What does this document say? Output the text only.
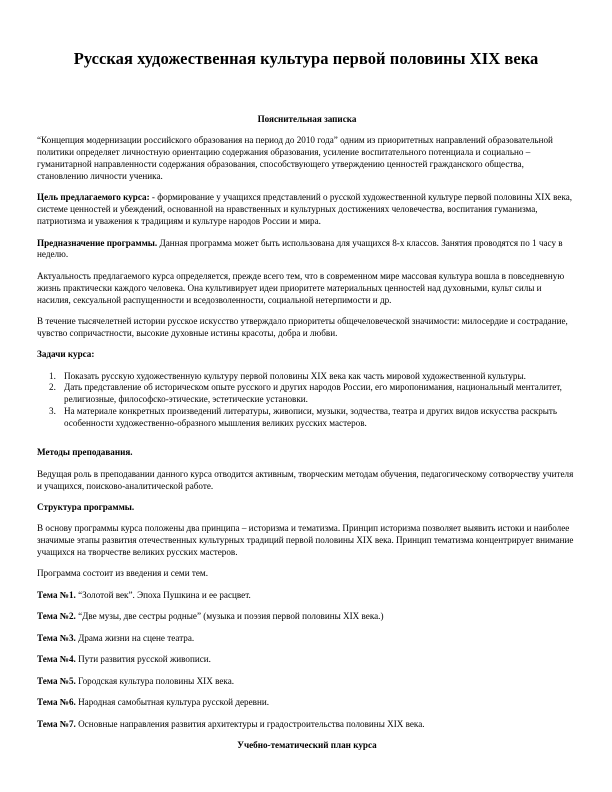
Русская художественная культура первой половины XIX века
Пояснительная записка

“Концепция модернизации российского образования на период до 2010 года” одним из приоритетных направлений образовательной политики определяет личностную ориентацию содержания образования, усиление воспитательного потенциала и социально – гуманитарной направленности содержания образования, способствующего утверждению ценностей гражданского общества, становлению личности ученика.

Цель предлагаемого курса: - формирование у учащихся представлений о русской художественной культуре первой половины XIX века, системе ценностей и убеждений, основанной на нравственных и культурных достижениях человечества, воспитания гуманизма, патриотизма и уважения к традициям и культуре народов России и мира.

Предназначение программы. Данная программа может быть использована для учащихся 8-х классов. Занятия проводятся по 1 часу в неделю.

Актуальность предлагаемого курса определяется, прежде всего тем, что в современном мире массовая культура вошла в повседневную жизнь практически каждого человека. Она культивирует идеи приоритете материальных ценностей над духовными, культ силы и насилия, сексуальной распущенности и вседозволенности, социальной нетерпимости и др.

В течение тысячелетней истории русское искусство утверждало приоритеты общечеловеческой значимости: милосердие и сострадание, чувство сопричастности, высокие духовные истины красоты, добра и любви.

Задачи курса:
1. Показать русскую художественную культуру первой половины XIX века как часть мировой художественной культуры.
2. Дать представление об историческом опыте русского и других народов России, его миропонимания, национальный менталитет, религиозные, философско-этические, эстетические установки.
3. На материале конкретных произведений литературы, живописи, музыки, зодчества, театра и других видов искусства раскрыть особенности художественно-образного мышления великих русских мастеров.
Методы преподавания.

Ведущая роль в преподавании данного курса отводится активным, творческим методам обучения, педагогическому сотворчеству учителя и учащихся, поисково-аналитической работе.

Структура программы.

В основу программы курса положены два принципа – историзма и тематизма. Принцип историзма позволяет выявить истоки и наиболее значимые этапы развития отечественных культурных традиций первой половины XIX века. Принцип тематизма концентрирует внимание учащихся на творчестве великих русских мастеров.

Программа состоит из введения и семи тем.

Тема №1. “Золотой век”. Эпоха Пушкина и ее расцвет.
Тема №2. “Две музы, две сестры родные” (музыка и поэзия первой половины XIX века.)
Тема №3. Драма жизни на сцене театра.
Тема №4. Пути развития русской живописи.
Тема №5. Городская культура половины XIX века.
Тема №6. Народная самобытная культура русской деревни.
Тема №7. Основные направления развития архитектуры и градостроительства половины XIX века.
Учебно-тематический план курса
